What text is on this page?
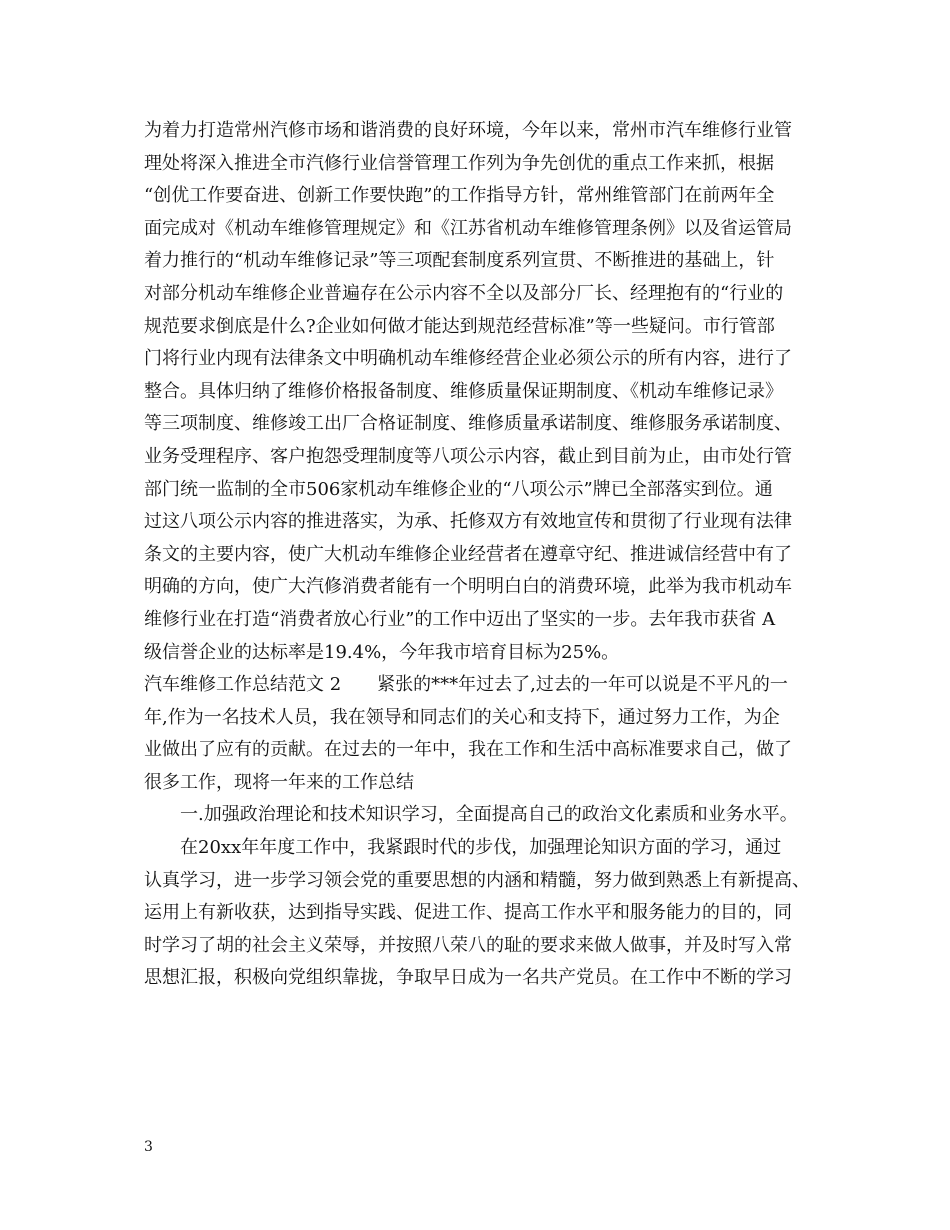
为着力打造常州汽修市场和谐消费的良好环境，今年以来，常州市汽车维修行业管
理处将深入推进全市汽修行业信誉管理工作列为争先创优的重点工作来抓，根据
“创优工作要奋进、创新工作要快跑”的工作指导方针，常州维管部门在前两年全
面完成对《机动车维修管理规定》和《江苏省机动车维修管理条例》以及省运管局
着力推行的“机动车维修记录”等三项配套制度系列宣贯、不断推进的基础上，针
对部分机动车维修企业普遍存在公示内容不全以及部分厂长、经理抱有的“行业的
规范要求倒底是什么?企业如何做才能达到规范经营标准”等一些疑问。市行管部
门将行业内现有法律条文中明确机动车维修经营企业必须公示的所有内容，进行了
整合。具体归纳了维修价格报备制度、维修质量保证期制度、《机动车维修记录》
等三项制度、维修竣工出厂合格证制度、维修质量承诺制度、维修服务承诺制度、
业务受理程序、客户抱怨受理制度等八项公示内容，截止到目前为止，由市处行管
部门统一监制的全市506家机动车维修企业的“八项公示”牌已全部落实到位。通
过这八项公示内容的推进落实，为承、托修双方有效地宣传和贯彻了行业现有法律
条文的主要内容，使广大机动车维修企业经营者在遵章守纪、推进诚信经营中有了
明确的方向，使广大汽修消费者能有一个明明白白的消费环境，此举为我市机动车
维修行业在打造“消费者放心行业”的工作中迈出了坚实的一步。去年我市获省 A
级信誉企业的达标率是19.4%，今年我市培育目标为25%。
汽车维修工作总结范文 2　　紧张的***年过去了,过去的一年可以说是不平凡的一
年,作为一名技术人员，我在领导和同志们的关心和支持下，通过努力工作，为企
业做出了应有的贡献。在过去的一年中，我在工作和生活中高标准要求自己，做了
很多工作，现将一年来的工作总结
一.加强政治理论和技术知识学习，全面提高自己的政治文化素质和业务水平。
在20xx年年度工作中，我紧跟时代的步伐，加强理论知识方面的学习，通过
认真学习，进一步学习领会党的重要思想的内涵和精髓，努力做到熟悉上有新提高、
运用上有新收获，达到指导实践、促进工作、提高工作水平和服务能力的目的，同
时学习了胡的社会主义荣辱，并按照八荣八的耻的要求来做人做事，并及时写入常
思想汇报，积极向党组织靠拢，争取早日成为一名共产党员。在工作中不断的学习
3
